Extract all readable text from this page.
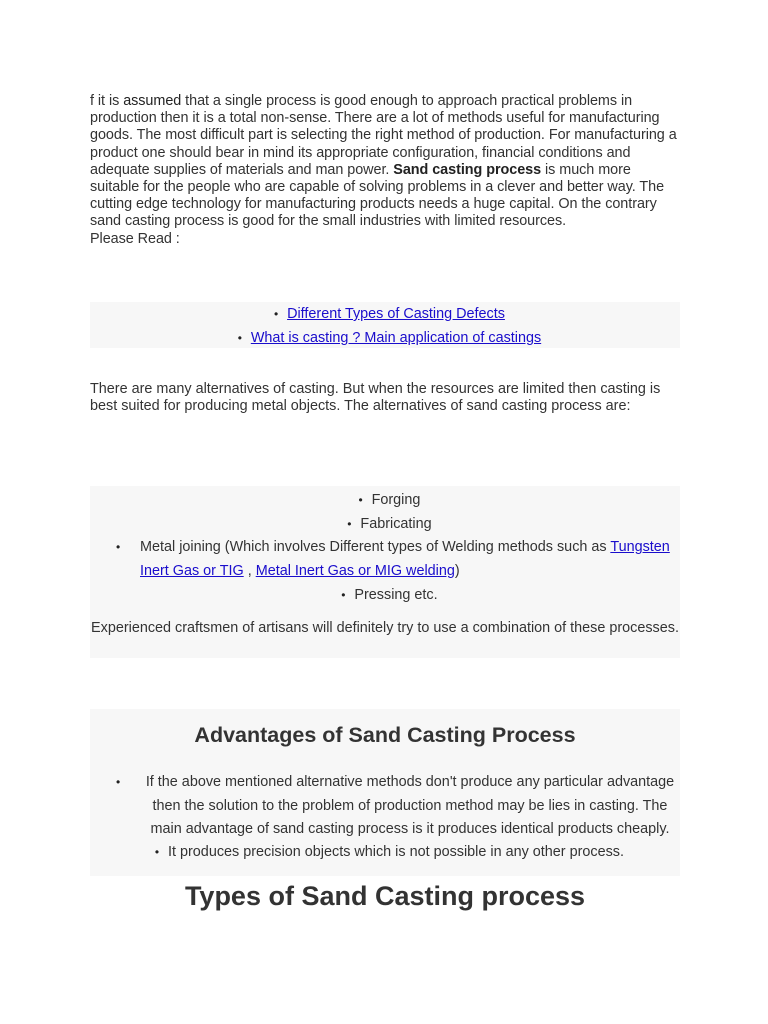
f it is assumed that a single process is good enough to approach practical problems in production then it is a total non-sense. There are a lot of methods useful for manufacturing goods. The most difficult part is selecting the right method of production. For manufacturing a product one should bear in mind its appropriate configuration, financial conditions and adequate supplies of materials and man power. Sand casting process is much more suitable for the people who are capable of solving problems in a clever and better way. The cutting edge technology for manufacturing products needs a huge capital. On the contrary sand casting process is good for the small industries with limited resources.
Please Read :
• Different Types of Casting Defects
• What is casting ? Main application of castings
There are many alternatives of casting. But when the resources are limited then casting is best suited for producing metal objects. The alternatives of sand casting process are:
• Forging
• Fabricating
•	Metal joining (Which involves Different types of Welding methods such as Tungsten Inert Gas or TIG , Metal Inert Gas or MIG welding)
• Pressing etc.
Experienced craftsmen of artisans will definitely try to use a combination of these processes.
Advantages of Sand Casting Process
•	If the above mentioned alternative methods don't produce any particular advantage then the solution to the problem of production method may be lies in casting. The main advantage of sand casting process is it produces identical products cheaply.
• It produces precision objects which is not possible in any other process.
Types of Sand Casting process
